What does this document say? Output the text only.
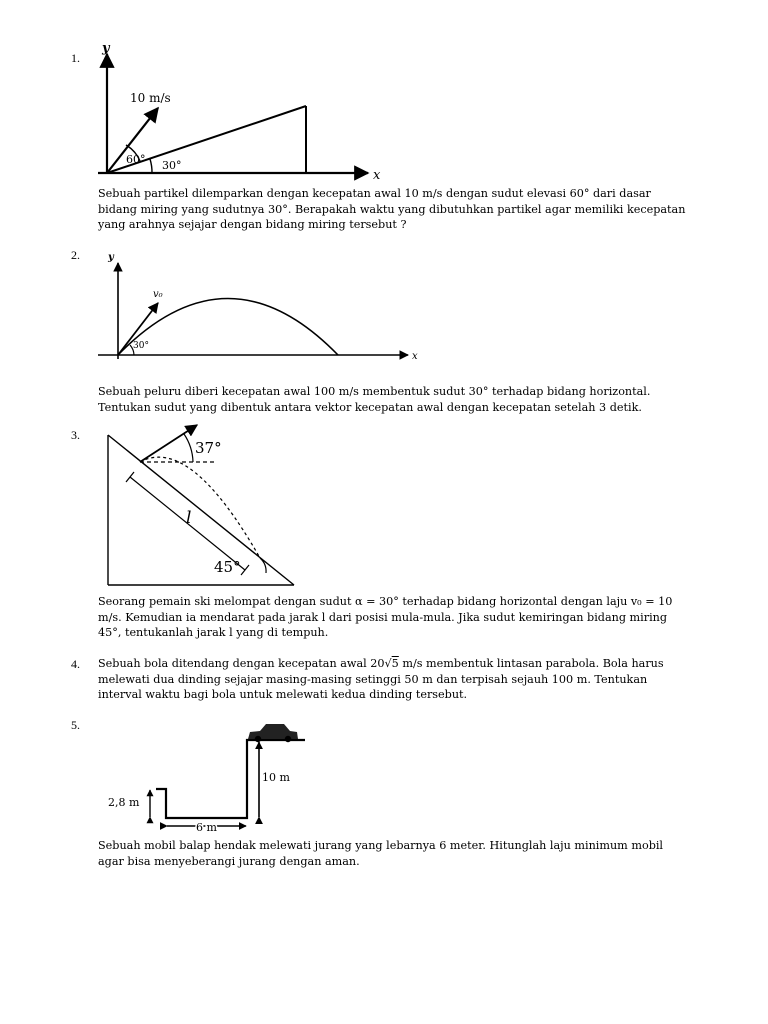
1.
y
x
10 m/s
60° 30°

Sebuah partikel dilemparkan dengan kecepatan awal 10 m/s dengan sudut elevasi 60° dari dasar bidang miring yang sudutnya 30°. Berapakah waktu yang dibutuhkan partikel agar memiliki kecepatan yang arahnya sejajar dengan bidang miring tersebut ?

2.	y
x
v₀
30°

Sebuah peluru diberi kecepatan awal 100 m/s membentuk sudut 30° terhadap bidang horizontal. Tentukan sudut yang dibentuk antara vektor kecepatan awal dengan kecepatan setelah 3 detik.

3.
37°
l
45°

Seorang pemain ski melompat dengan sudut α = 30° terhadap bidang horizontal dengan laju v₀ = 10 m/s. Kemudian ia mendarat pada jarak l dari posisi mula-mula. Jika sudut kemiringan bidang miring 45°, tentukanlah jarak l yang di tempuh.

4. Sebuah bola ditendang dengan kecepatan awal 20√5 m/s membentuk lintasan parabola. Bola harus melewati dua dinding sejajar masing-masing setinggi 50 m dan terpisah sejauh 100 m. Tentukan interval waktu bagi bola untuk melewati kedua dinding tersebut.

5.
2,8 m
10 m
6 m

Sebuah mobil balap hendak melewati jurang yang lebarnya 6 meter. Hitunglah laju minimum mobil agar bisa menyeberangi jurang dengan aman.
